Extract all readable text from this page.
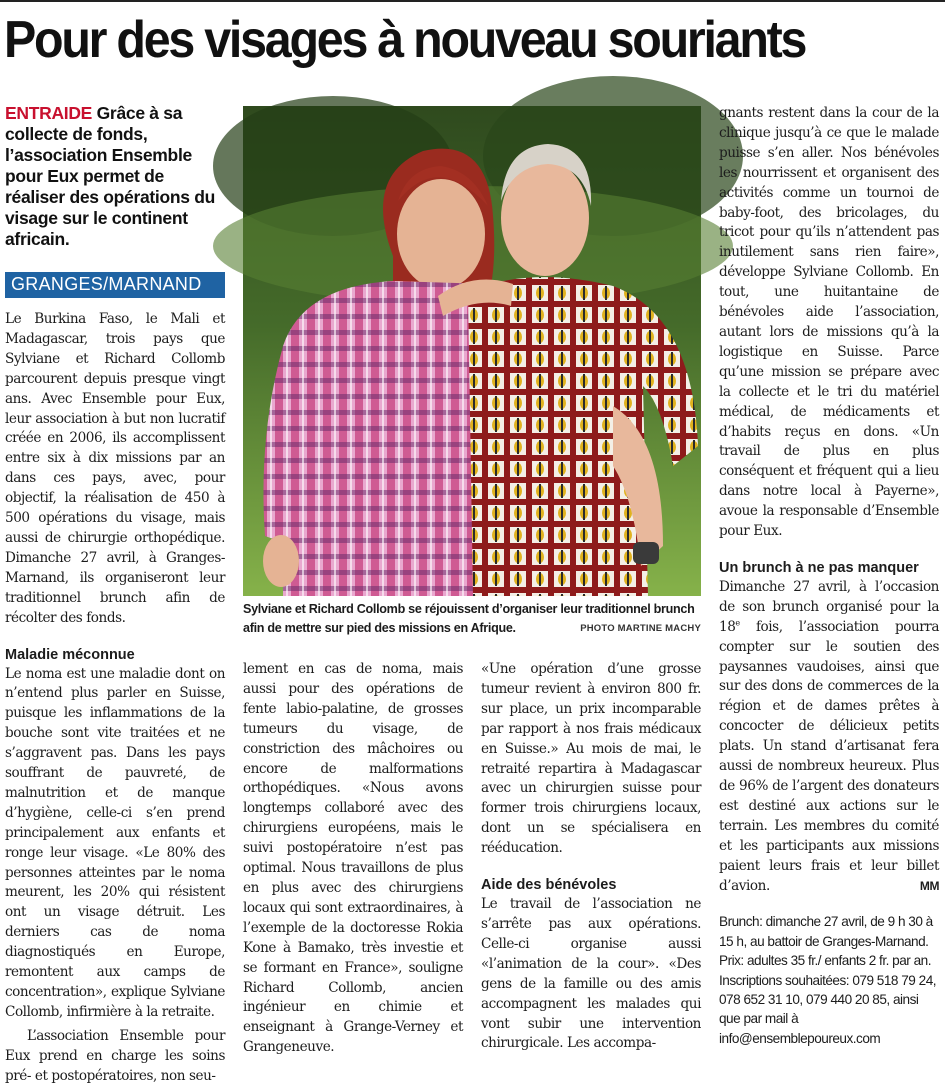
Pour des visages à nouveau souriants
ENTRAIDE Grâce à sa collecte de fonds, l’association Ensemble pour Eux permet de réaliser des opérations du visage sur le continent africain.
GRANGES/MARNAND

Le Burkina Faso, le Mali et Madagascar, trois pays que Sylviane et Richard Collomb parcourent depuis presque vingt ans. Avec Ensemble pour Eux, leur association à but non lucratif créée en 2006, ils accomplissent entre six à dix missions par an dans ces pays, avec, pour objectif, la réalisation de 450 à 500 opérations du visage, mais aussi de chirurgie orthopédique. Dimanche 27 avril, à Granges-Marnand, ils organiseront leur traditionnel brunch afin de récolter des fonds.

Maladie méconnue

Le noma est une maladie dont on n’entend plus parler en Suisse, puisque les inflammations de la bouche sont vite traitées et ne s’aggravent pas. Dans les pays souffrant de pauvreté, de malnutrition et de manque d’hygiène, celle-ci s’en prend principalement aux enfants et ronge leur visage. «Le 80% des personnes atteintes par le noma meurent, les 20% qui résistent ont un visage détruit. Les derniers cas de noma diagnostiqués en Europe, remontent aux camps de concentration», explique Sylviane Collomb, infirmière à la retraite.

L’association Ensemble pour Eux prend en charge les soins pré- et postopératoires, non seu-

Sylviane et Richard Collomb se réjouissent d’organiser leur traditionnel brunch afin de mettre sur pied des missions en Afrique.	PHOTO MARTINE MACHY

lement en cas de noma, mais aussi pour des opérations de fente labio-palatine, de grosses tumeurs du visage, de constriction des mâchoires ou encore de malformations orthopédiques. «Nous avons longtemps collaboré avec des chirurgiens européens, mais le suivi postopératoire n’est pas optimal. Nous travaillons de plus en plus avec des chirurgiens locaux qui sont extraordinaires, à l’exemple de la doctoresse Rokia Kone à Bamako, très investie et se formant en France», souligne Richard Collomb, ancien ingénieur en chimie et enseignant à Grange-Verney et Grangeneuve.

«Une opération d’une grosse tumeur revient à environ 800 fr. sur place, un prix incomparable par rapport à nos frais médicaux en Suisse.» Au mois de mai, le retraité repartira à Madagascar avec un chirurgien suisse pour former trois chirurgiens locaux, dont un se spécialisera en rééducation.

Aide des bénévoles

Le travail de l’association ne s’arrête pas aux opérations. Celle-ci organise aussi «l’animation de la cour». «Des gens de la famille ou des amis accompagnent les malades qui vont subir une intervention chirurgicale. Les accompa-

gnants restent dans la cour de la clinique jusqu’à ce que le malade puisse s’en aller. Nos bénévoles les nourrissent et organisent des activités comme un tournoi de baby-foot, des bricolages, du tricot pour qu’ils n’attendent pas inutilement sans rien faire», développe Sylviane Collomb. En tout, une huitantaine de bénévoles aide l’association, autant lors de missions qu’à la logistique en Suisse. Parce qu’une mission se prépare avec la collecte et le tri du matériel médical, de médicaments et d’habits reçus en dons. «Un travail de plus en plus conséquent et fréquent qui a lieu dans notre local à Payerne», avoue la responsable d’Ensemble pour Eux.

Un brunch à ne pas manquer

Dimanche 27 avril, à l’occasion de son brunch organisé pour la 18e fois, l’association pourra compter sur le soutien des paysannes vaudoises, ainsi que sur des dons de commerces de la région et de dames prêtes à concocter de délicieux petits plats. Un stand d’artisanat fera aussi de nombreux heureux. Plus de 96% de l’argent des donateurs est destiné aux actions sur le terrain. Les membres du comité et les participants aux missions paient leurs frais et leur billet d’avion.	MM

Brunch: dimanche 27 avril, de 9 h 30 à 15 h, au battoir de Granges-Marnand. Prix: adultes 35 fr./ enfants 2 fr. par an. Inscriptions souhaitées: 079 518 79 24, 078 652 31 10, 079 440 20 85, ainsi que par mail à info@ensemblepoureux.com
